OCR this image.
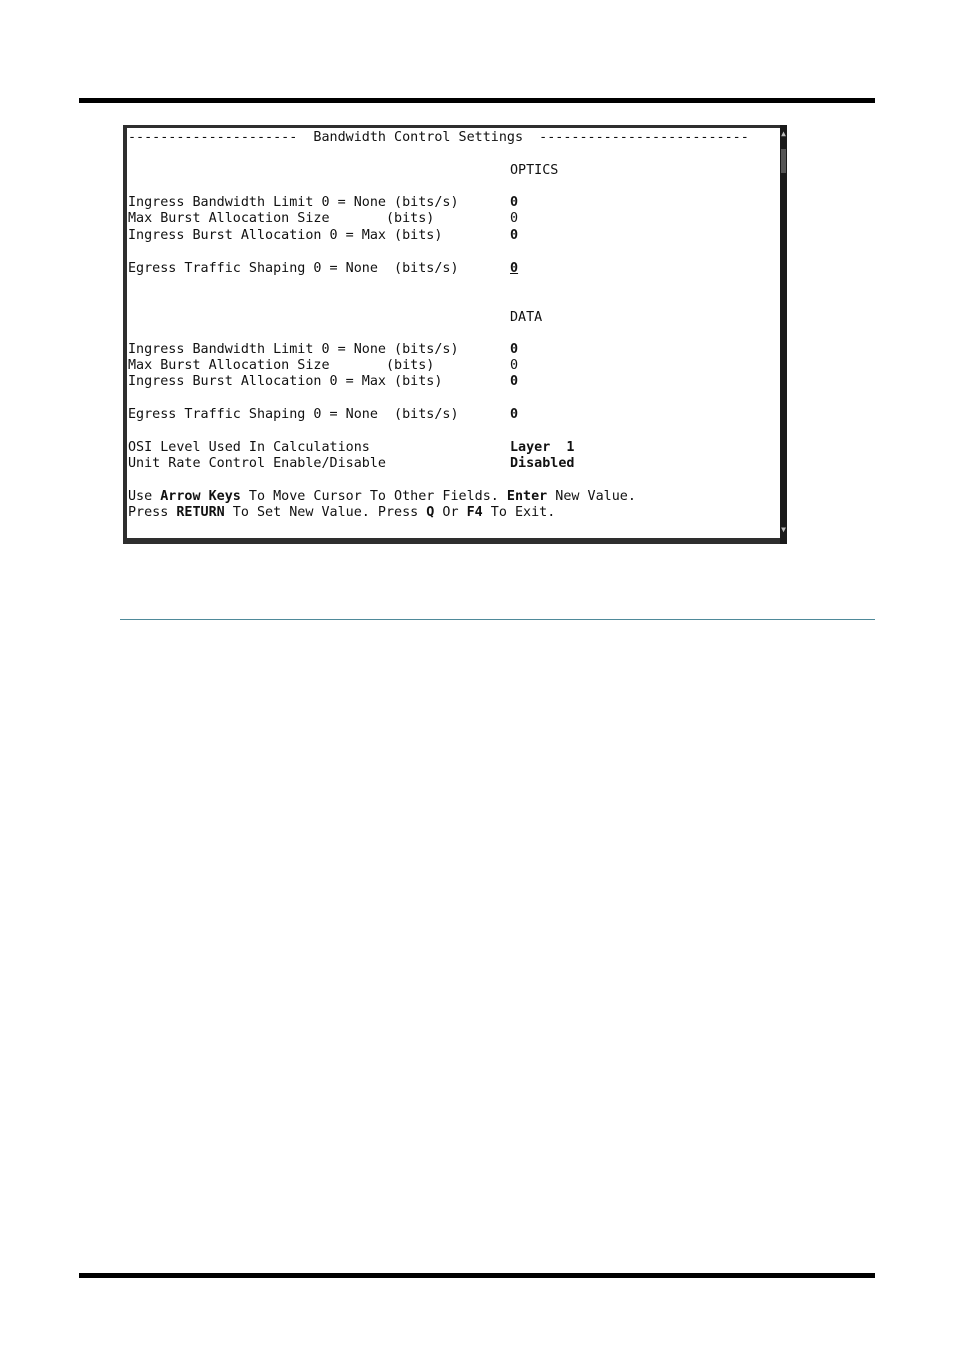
---------------------  Bandwidth Control Settings  --------------------------
OPTICS
Ingress Bandwidth Limit 0 = None (bits/s)	0
Max Burst Allocation Size       (bits)	0
Ingress Burst Allocation 0 = Max (bits)	0
Egress Traffic Shaping 0 = None  (bits/s)	0
DATA
Ingress Bandwidth Limit 0 = None (bits/s)	0
Max Burst Allocation Size       (bits)	0
Ingress Burst Allocation 0 = Max (bits)	0
Egress Traffic Shaping 0 = None  (bits/s)	0
OSI Level Used In Calculations	Layer  1
Unit Rate Control Enable/Disable	Disabled
Use Arrow Keys To Move Cursor To Other Fields. Enter New Value.
Press RETURN To Set New Value. Press Q Or F4 To Exit.
▲
▼
